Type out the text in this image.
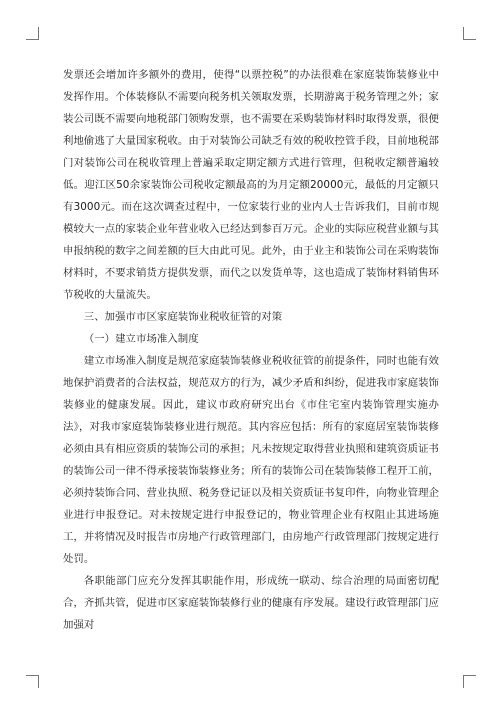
发票还会增加许多额外的费用，使得“以票控税”的办法很难在家庭装饰装修业中发挥作用。个体装修队不需要向税务机关领取发票，长期游离于税务管理之外；家装公司既不需要向地税部门领购发票，也不需要在采购装饰材料时取得发票，很便利地偷逃了大量国家税收。由于对装饰公司缺乏有效的税收控管手段，目前地税部门对装饰公司在税收管理上普遍采取定期定额方式进行管理，但税收定额普遍较低。迎江区50余家装饰公司税收定额最高的为月定额20000元，最低的月定额只有3000元。而在这次调查过程中，一位家装行业的业内人士告诉我们，目前市规模较大一点的家装企业年营业收入已经达到参百万元。企业的实际应税营业额与其申报纳税的数字之间差额的巨大由此可见。此外，由于业主和装饰公司在采购装饰材料时，不要求销货方提供发票，而代之以发货单等，这也造成了装饰材料销售环节税收的大量流失。

三、加强市市区家庭装饰业税收征管的对策

（一）建立市场准入制度

建立市场准入制度是规范家庭装饰装修业税收征管的前提条件，同时也能有效地保护消费者的合法权益，规范双方的行为，减少矛盾和纠纷，促进我市家庭装饰装修业的健康发展。因此，建议市政府研究出台《市住宅室内装饰管理实施办法》，对我市家庭装饰装修业进行规范。其内容应包括：所有的家庭居室装饰装修必须由具有相应资质的装饰公司的承担；凡未按规定取得营业执照和建筑资质证书的装饰公司一律不得承接装饰装修业务；所有的装饰公司在装饰装修工程开工前，必须持装饰合同、营业执照、税务登记证以及相关资质证书复印件，向物业管理企业进行申报登记。对未按规定进行申报登记的，物业管理企业有权阻止其进场施工，并将情况及时报告市房地产行政管理部门，由房地产行政管理部门按规定进行处罚。

各职能部门应充分发挥其职能作用，形成统一联动、综合治理的局面密切配合，齐抓共管，促进市区家庭装饰装修行业的健康有序发展。建设行政管理部门应加强对
